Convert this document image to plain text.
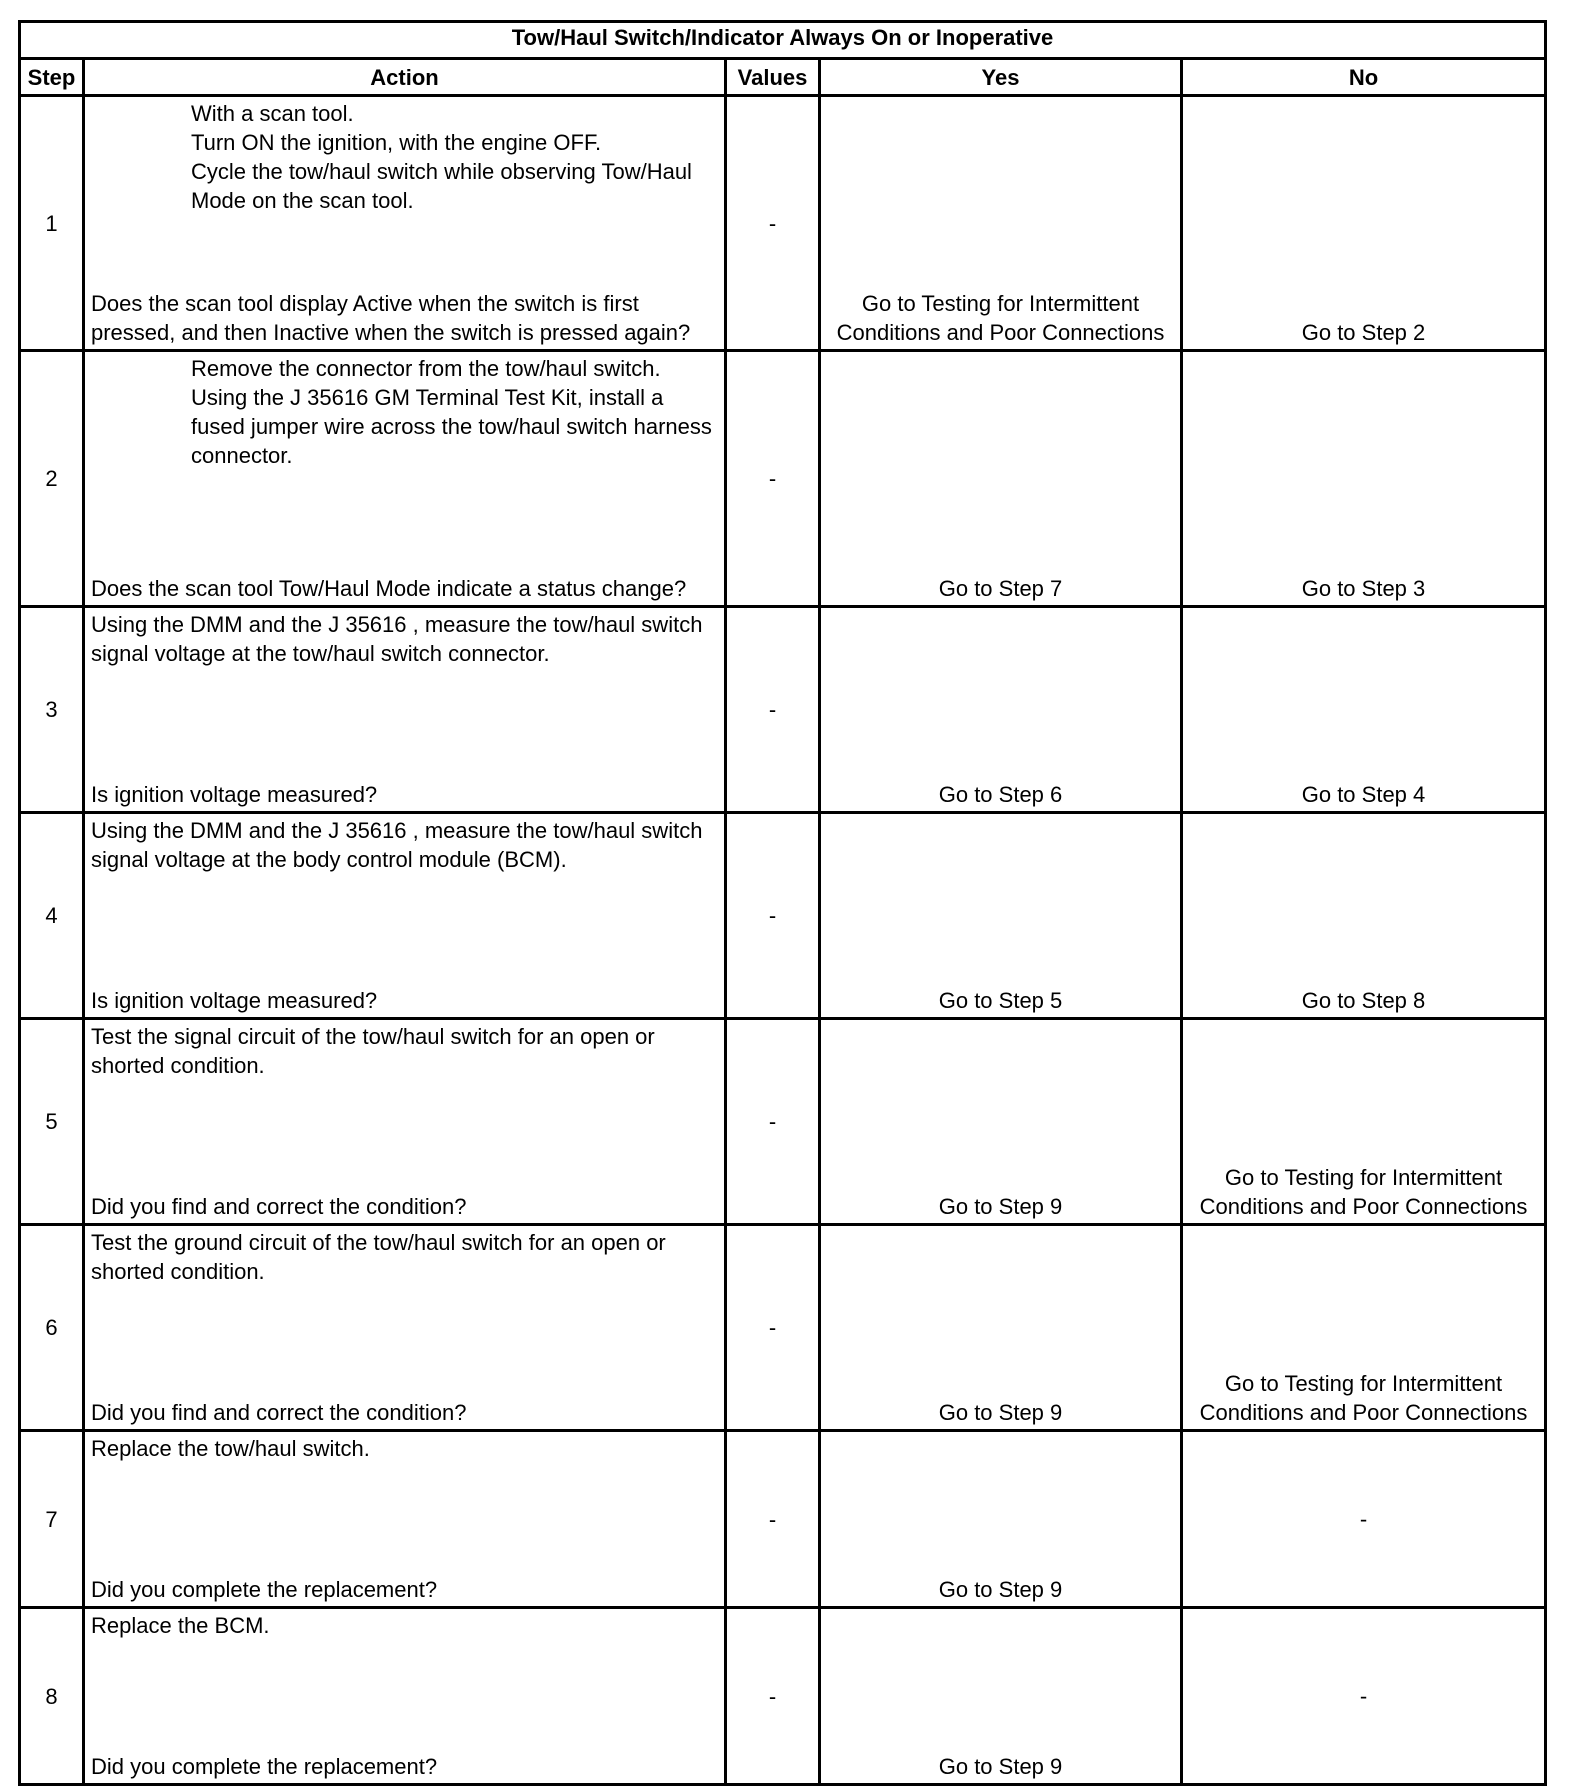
Tow/Haul Switch/Indicator Always On or Inoperative				
Step	Action	Values	Yes	No
1	With a scan tool.
Turn ON the ignition, with the engine OFF.
Cycle the tow/haul switch while observing Tow/Haul Mode on the scan tool.
Does the scan tool display Active when the switch is first pressed, and then Inactive when the switch is pressed again?	-	Go to Testing for Intermittent Conditions and Poor Connections	Go to Step 2

2	Remove the connector from the tow/haul switch.
Using the J 35616 GM Terminal Test Kit, install a fused jumper wire across the tow/haul switch harness connector.
Does the scan tool Tow/Haul Mode indicate a status change?	-	Go to Step 7	Go to Step 3

3	Using the DMM and the J 35616 , measure the tow/haul switch signal voltage at the tow/haul switch connector.
Is ignition voltage measured?	-	Go to Step 6	Go to Step 4

4	Using the DMM and the J 35616 , measure the tow/haul switch signal voltage at the body control module (BCM).
Is ignition voltage measured?	-	Go to Step 5	Go to Step 8

5	Test the signal circuit of the tow/haul switch for an open or shorted condition.
Did you find and correct the condition?	-	Go to Step 9	Go to Testing for Intermittent Conditions and Poor Connections

6	Test the ground circuit of the tow/haul switch for an open or shorted condition.
Did you find and correct the condition?	-	Go to Step 9	Go to Testing for Intermittent Conditions and Poor Connections

7	Replace the tow/haul switch.
Did you complete the replacement?	-	Go to Step 9	-

8	Replace the BCM.
Did you complete the replacement?	-	Go to Step 9	-
